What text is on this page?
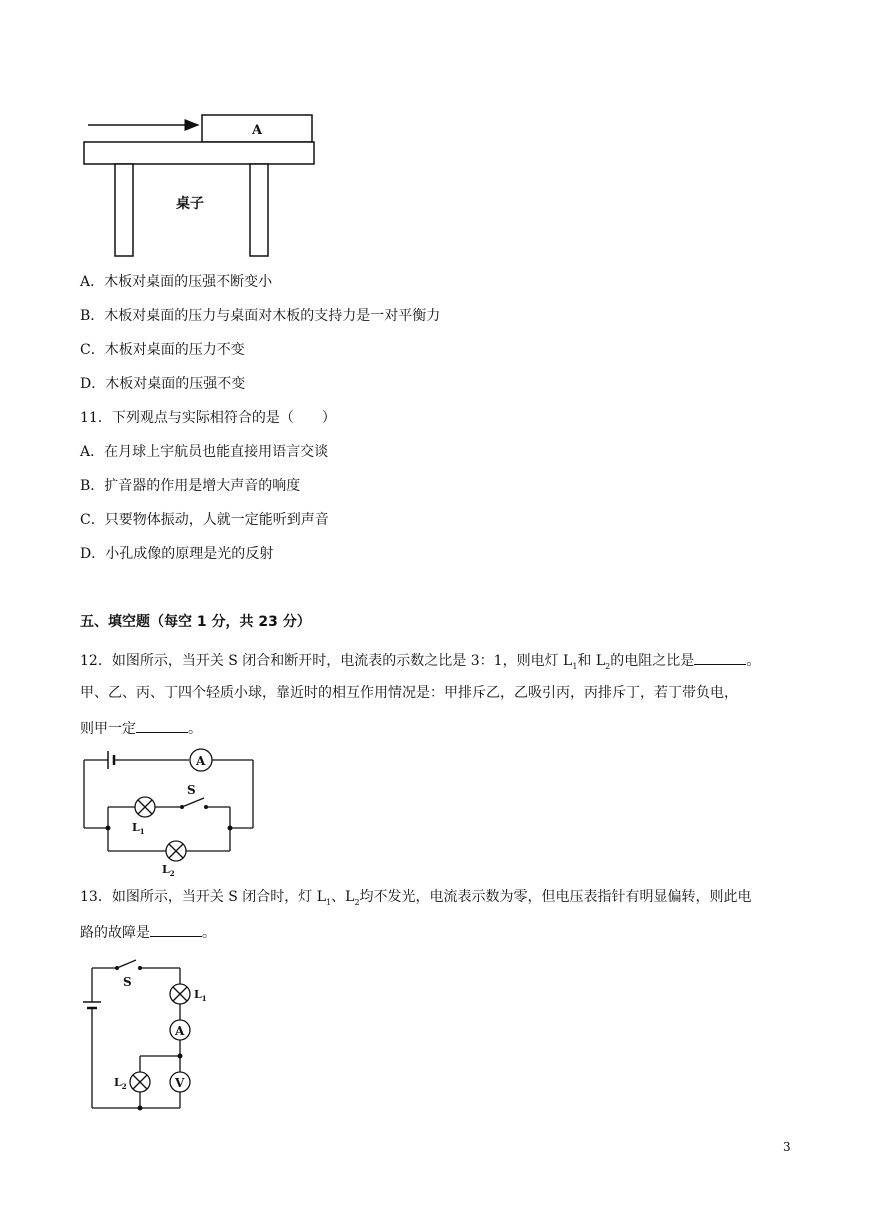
A
桌子
A．木板对桌面的压强不断变小
B．木板对桌面的压力与桌面对木板的支持力是一对平衡力
C．木板对桌面的压力不变
D．木板对桌面的压强不变
11．下列观点与实际相符合的是（　　）
A．在月球上宇航员也能直接用语言交谈
B．扩音器的作用是增大声音的响度
C．只要物体振动，人就一定能听到声音
D．小孔成像的原理是光的反射
五、填空题（每空 1 分，共 23 分）
12．如图所示，当开关 S 闭合和断开时，电流表的示数之比是 3：1，则电灯 $L_1$和 $L_2$的电阻之比是	。
甲、乙、丙、丁四个轻质小球，靠近时的相互作用情况是：甲排斥乙，乙吸引丙，丙排斥丁，若丁带负电，
则甲一定	。
A
S
$L_1$
$L_2$
13．如图所示，当开关 S 闭合时，灯 $L_1$、$L_2$均不发光，电流表示数为零，但电压表指针有明显偏转，则此电
路的故障是	。
S
$L_1$
A
$L_2$	V
3
